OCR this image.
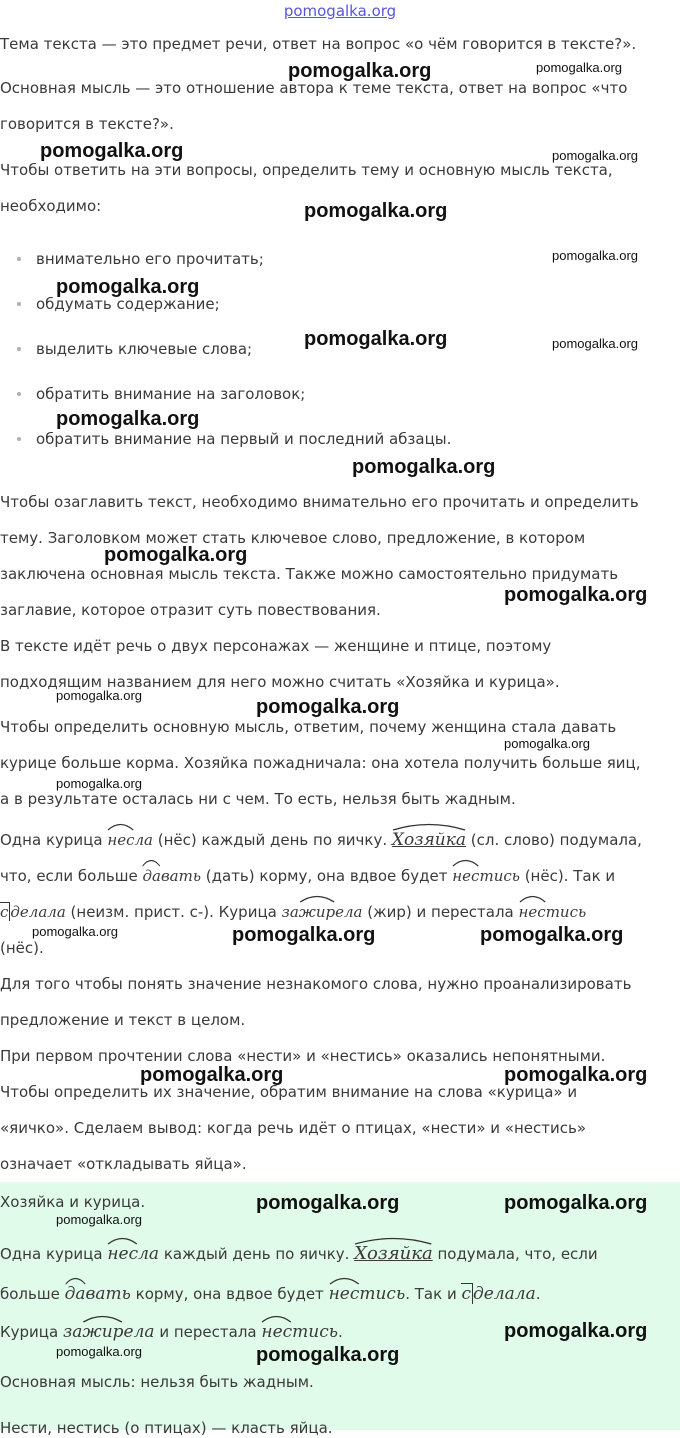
pomogalka.org

Тема текста — это предмет речи, ответ на вопрос «о чём говорится в тексте?».

Основная мысль — это отношение автора к теме текста, ответ на вопрос «что

говорится в тексте?».

Чтобы ответить на эти вопросы, определить тему и основную мысль текста,

необходимо:

внимательно его прочитать;
обдумать содержание;
выделить ключевые слова;
обратить внимание на заголовок;
обратить внимание на первый и последний абзацы.

Чтобы озаглавить текст, необходимо внимательно его прочитать и определить

тему. Заголовком может стать ключевое слово, предложение, в котором

заключена основная мысль текста. Также можно самостоятельно придумать

заглавие, которое отразит суть повествования.

В тексте идёт речь о двух персонажах — женщине и птице, поэтому

подходящим названием для него можно считать «Хозяйка и курица».

Чтобы определить основную мысль, ответим, почему женщина стала давать

курице больше корма. Хозяйка пожадничала: она хотела получить больше яиц,

а в результате осталась ни с чем. То есть, нельзя быть жадным.

Одна курица
несла (нёс) каждый день по яичку.
Хозяйка (сл. слово) подумала,

что, если больше
давать (дать) корму, она вдвое будет
нестись (нёс). Так и

с делала (неизм. прист. с-). Курица за
жирела (жир) и перестала
нестись

(нёс).

Для того чтобы понять значение незнакомого слова, нужно проанализировать

предложение и текст в целом.

При первом прочтении слова «нести» и «нестись» оказались непонятными.

Чтобы определить их значение, обратим внимание на слова «курица» и

«яичко». Сделаем вывод: когда речь идёт о птицах, «нести» и «нестись»

означает «откладывать яйца».

Хозяйка и курица.

Одна курица
несла каждый день по яичку.
Хозяйка подумала, что, если

больше
давать корму, она вдвое будет
нестись. Так и с делала.

Курица за
жирела и перестала
нестись.

Основная мысль: нельзя быть жадным.

Нести, нестись (о птицах) — класть яйца.

pomogalka.org	pomogalka.org
pomogalka.org	pomogalka.org
pomogalka.org
pomogalka.org
pomogalka.org
pomogalka.org	pomogalka.org
pomogalka.org
pomogalka.org
pomogalka.org
pomogalka.org
pomogalka.org
pomogalka.org
pomogalka.org
pomogalka.org
pomogalka.org	pomogalka.org	pomogalka.org
pomogalka.org	pomogalka.org
pomogalka.org	pomogalka.org
pomogalka.org
pomogalka.org
pomogalka.org	pomogalka.org
